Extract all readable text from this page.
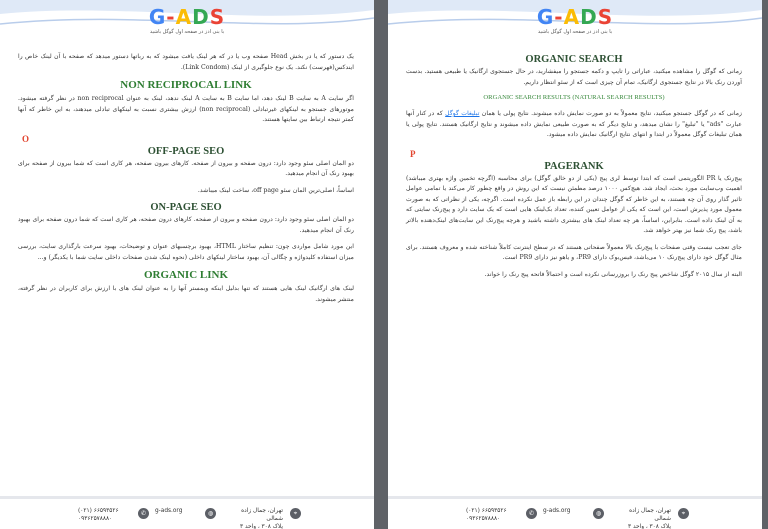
G-ADS
با بنی ادز در صفحه اول گوگل باشید

یک دستور که یا در بخش Head صفحه وب یا در که هر لینک یافت میشود که به رباتها دستور میدهد که صفحه با آن لینک خاص را ایندکس(فهرست) نکند. یک نوع جلوگیری از لینک (Link Condom).

NON RECIPROCAL LINK

اگر سایت A به سایت B لینک دهد، اما سایت B به سایت A لینک ندهد، لینک به عنوان non reciprocal در نظر گرفته میشود. موتورهای جستجو به لینکهای غیرتبادلی (non reciprocal) ارزش بیشتری نسبت به لینکهای تبادلی میدهند، به این خاطر که آنها کمتر نتیجه ارتباط بین سایتها هستند.

O
OFF-PAGE SEO

دو المان اصلی سئو وجود دارد: درون صفحه و بیرون از صفحه. کارهای بیرون صفحه، هر کاری است که شما بیرون از صفحه برای بهبود رنک آن انجام میدهید.

اساساً، اصلی‌ترین المان سئو off page، ساخت لینک میباشد.

ON-PAGE SEO

دو المان اصلی سئو وجود دارد: درون صفحه و بیرون از صفحه. کارهای درون صفحه، هر کاری است که شما درون صفحه برای بهبود رنک آن انجام میدهید.

این مورد شامل مواردی چون: تنظیم ساختار HTML، بهبود برچسبهای عنوان و توضیحات، بهبود سرعت بارگذاری سایت، بررسی میزان استفاده کلیدواژه و چگالی آن، بهبود ساختار لینکهای داخلی (نحوه لینک شدن صفحات داخلی سایت شما با یکدیگر) و...

ORGANIC LINK

لینک های ارگانیک لینک هایی هستند که تنها بدلیل اینکه وبمستر آنها را به عنوان لینک های با ارزش برای کاربران در نظر گرفته، منتشر میشوند.

(۰۲۱) ۶۶۵۹۳۵۲۶
۰۹۳۶۲۵۷۸۸۸۰
✆	g-ads.org	◍	تهران، جمال زاده شمالی
پلاک ۳۰۸ ، واحد ۳
⌖
G-ADS
با بنی ادز در صفحه اول گوگل باشید
ORGANIC SEARCH

زمانی که گوگل را مشاهده میکنید، عباراتی را تایپ و دکمه جستجو را میفشارید، در حال جستجوی ارگانیک یا طبیعی هستید. بدست آوردن رنک بالا در نتایج جستجوی ارگانیک، تمام آن چیزی است که از سئو انتظار داریم.

ORGANIC SEARCH RESULTS (NATURAL SEARCH RESULTS)

زمانی که در گوگل جستجو میکنید، نتایج معمولاً به دو صورت نمایش داده میشوند. نتایج پولی یا همان تبلیغات گوگل که در کنار آنها عبارت "ads" یا "تبلیغ" را نشان میدهد، و نتایج دیگر که به صورت طبیعی نمایش داده میشوند و نتایج ارگانیک هستند. نتایج پولی یا همان تبلیغات گوگل معمولاً در ابتدا و انتهای نتایج ارگانیک نمایش داده میشود.

P
PAGERANK

پیج‌رنک یا PR الگوریتمی است که ابتدا توسط لری پیج (یکی از دو خالق گوگل) برای محاسبه (اگرچه تخمین واژه بهتری میباشد) اهمیت وب‌سایت مورد بحث، ایجاد شد. هیچ‌کس ۱۰۰۰ درصد مطمئن نیست که این روش در واقع چطور کار می‌کند یا تمامی عوامل تاثیر گذار روی آن چه هستند، به این خاطر که گوگل چندان در این رابطه باز عمل نکرده است. اگرچه، یکی از نظراتی که به صورت معمول مورد پذیرش است، این است که یکی از عوامل تعیین کننده، تعداد بک‌لینک هایی است که یک سایت دارد و پیج‌رنک سایتی که به آن لینک داده است. بنابراین، اساساً، هر چه تعداد لینک های بیشتری داشته باشید و هرچه پیج‌رنک این سایت‌های لینک‌دهنده بالاتر باشد، پیج رنک شما نیز بهتر خواهد شد.

جای تعجب نیست وقتی صفحات با پیج‌رنک بالا معمولاً صفحاتی هستند که در سطح اینترنت کاملاً شناخته شده و معروف هستند. برای مثال گوگل خود دارای پیج‌رنک ۱۰ می‌باشد، فیس‌بوک دارای PR9، و یاهو نیز دارای PR9 است.

البته از سال ۲۰۱۵ گوگل شاخص پیج رنک را بروزرسانی نکرده است و احتمالاً فاتحه پیج رنک را خواند.

(۰۲۱) ۶۶۵۹۳۵۲۶
۰۹۳۶۲۵۷۸۸۸۰
✆	g-ads.org	◍	تهران، جمال زاده شمالی
پلاک ۳۰۸ ، واحد ۳
⌖
